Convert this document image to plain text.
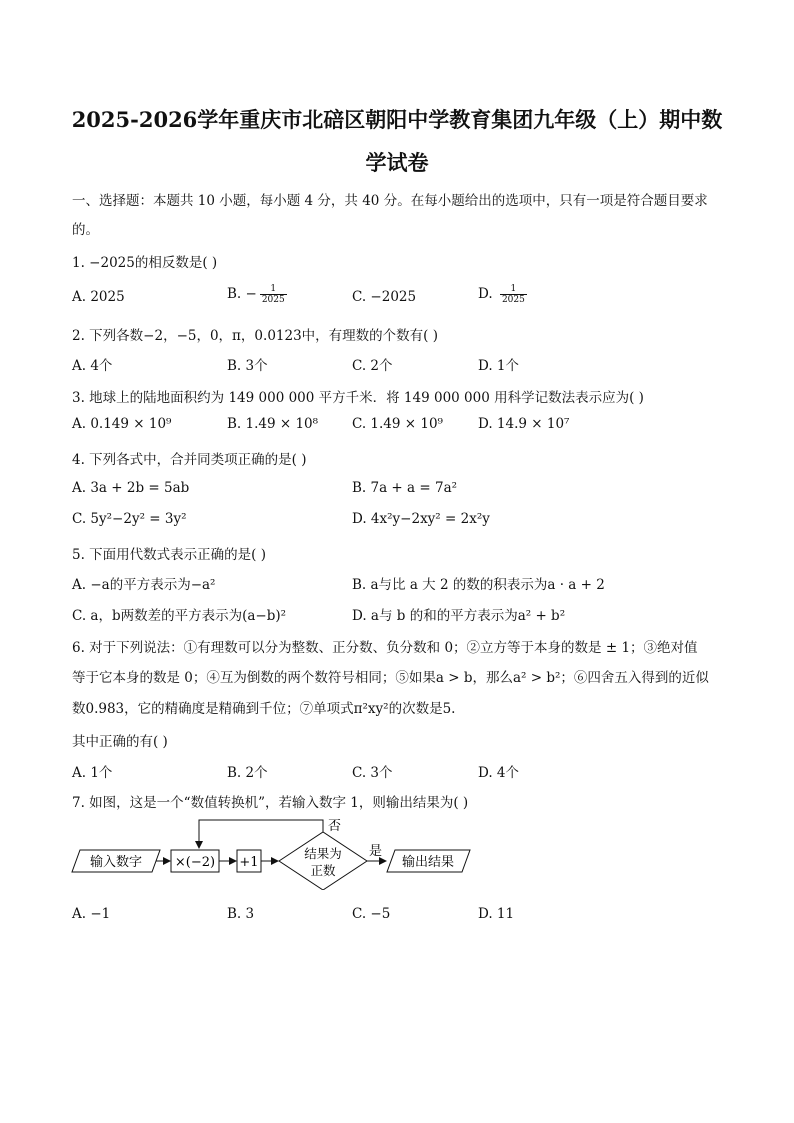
2025-2026学年重庆市北碚区朝阳中学教育集团九年级（上）期中数
学试卷
一、选择题：本题共 10 小题，每小题 4 分，共 40 分。在每小题给出的选项中，只有一项是符合题目要求
的。
1. −2025的相反数是( )
A. 2025	B. − $\frac{1}{2025}$	C. −2025	D. $\frac{1}{2025}$
2. 下列各数−2，−5，0，π，0.0123中，有理数的个数有( )
A. 4个	B. 3个	C. 2个	D. 1个
3. 地球上的陆地面积约为 149 000 000 平方千米．将 149 000 000 用科学记数法表示应为( )
A. 0.149 × 10⁹	B. 1.49 × 10⁸	C. 1.49 × 10⁹	D. 14.9 × 10⁷
4. 下列各式中，合并同类项正确的是( )
A. 3a + 2b = 5ab	B. 7a + a = 7a²
C. 5y²−2y² = 3y²	D. 4x²y−2xy² = 2x²y
5. 下面用代数式表示正确的是( )
A. −a的平方表示为−a²	B. a与比 a 大 2 的数的积表示为a · a + 2
C. a，b两数差的平方表示为(a−b)²	D. a与 b 的和的平方表示为a² + b²
6. 对于下列说法：①有理数可以分为整数、正分数、负分数和 0；②立方等于本身的数是 ± 1；③绝对值
等于它本身的数是 0；④互为倒数的两个数符号相同；⑤如果a > b，那么a² > b²；⑥四舍五入得到的近似
数0.983，它的精确度是精确到千位；⑦单项式π²xy²的次数是5.
其中正确的有( )
A. 1个	B. 2个	C. 3个	D. 4个
7. 如图，这是一个“数值转换机”，若输入数字 1，则输出结果为( )
输入数字	×(−2) +1
结果为
正数
否
是
输出结果
A. −1	B. 3	C. −5	D. 11
